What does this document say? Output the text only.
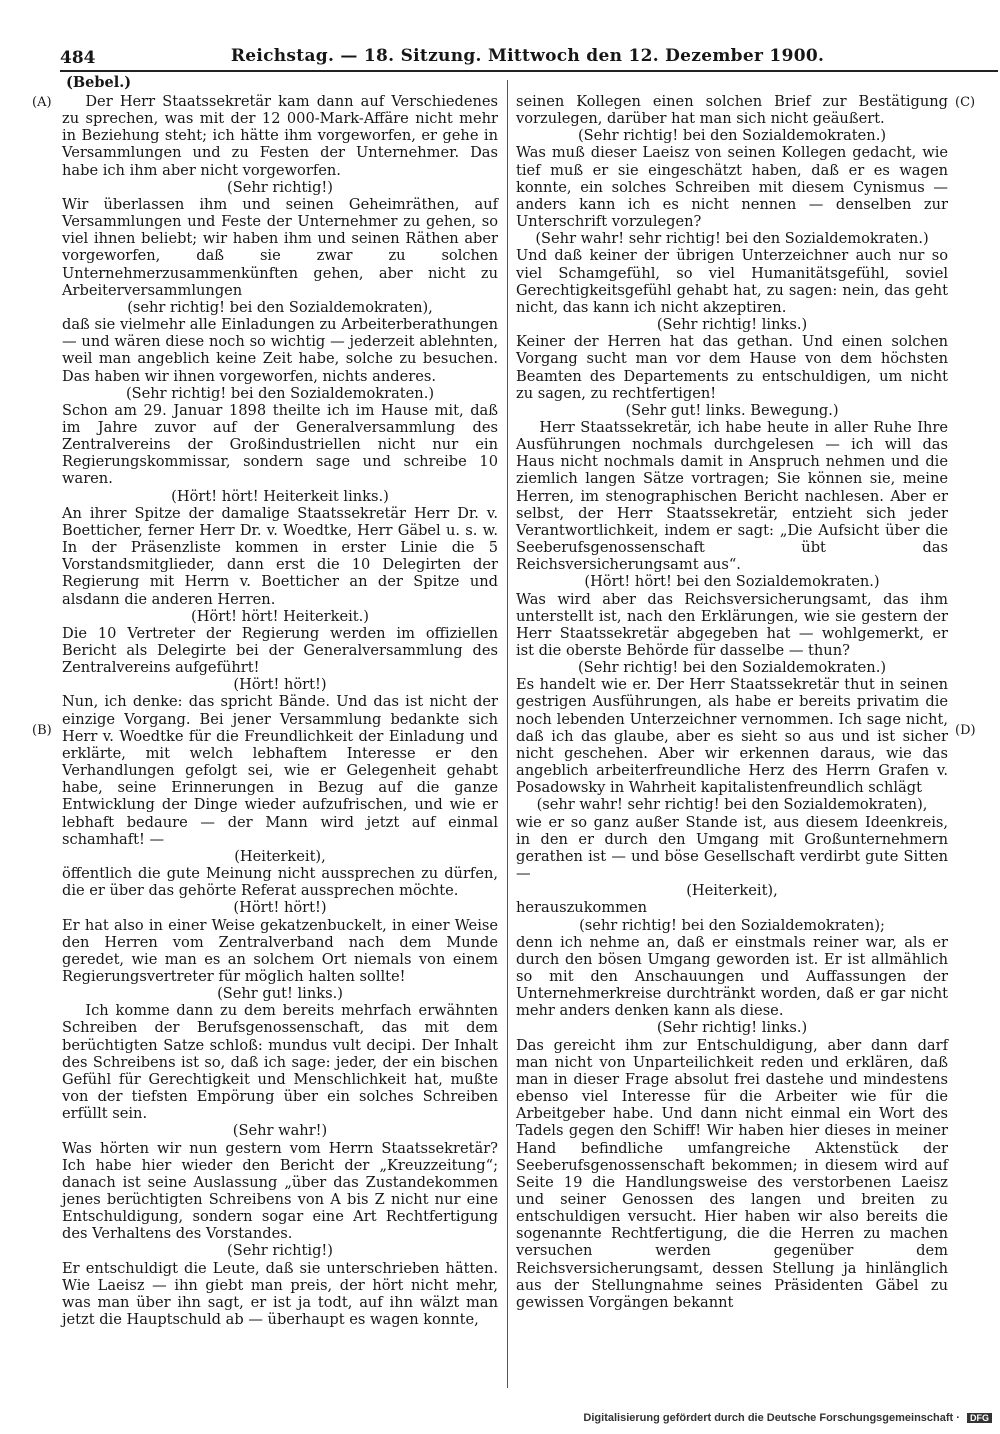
484	Reichstag. — 18. Sitzung. Mittwoch den 12. Dezember 1900.
(Bebel.)
(A)
(B)
(C)
(D)

Der Herr Staatssekretär kam dann auf Verschiedenes zu sprechen, was mit der 12 000-Mark-Affäre nicht mehr in Beziehung steht; ich hätte ihm vorgeworfen, er gehe in Versammlungen und zu Festen der Unternehmer. Das habe ich ihm aber nicht vorgeworfen.

(Sehr richtig!)

Wir überlassen ihm und seinen Geheimräthen, auf Versammlungen und Feste der Unternehmer zu gehen, so viel ihnen beliebt; wir haben ihm und seinen Räthen aber vorgeworfen, daß sie zwar zu solchen Unternehmerzusammenkünften gehen, aber nicht zu Arbeiterversammlungen

(sehr richtig! bei den Sozialdemokraten),

daß sie vielmehr alle Einladungen zu Arbeiterberathungen — und wären diese noch so wichtig — jederzeit ablehnten, weil man angeblich keine Zeit habe, solche zu besuchen. Das haben wir ihnen vorgeworfen, nichts anderes.

(Sehr richtig! bei den Sozialdemokraten.)

Schon am 29. Januar 1898 theilte ich im Hause mit, daß im Jahre zuvor auf der Generalversammlung des Zentralvereins der Großindustriellen nicht nur ein Regierungskommissar, sondern sage und schreibe 10 waren.

(Hört! hört! Heiterkeit links.)

An ihrer Spitze der damalige Staatssekretär Herr Dr. v. Boetticher, ferner Herr Dr. v. Woedtke, Herr Gäbel u. s. w. In der Präsenzliste kommen in erster Linie die 5 Vorstandsmitglieder, dann erst die 10 Delegirten der Regierung mit Herrn v. Boetticher an der Spitze und alsdann die anderen Herren.

(Hört! hört! Heiterkeit.)

Die 10 Vertreter der Regierung werden im offiziellen Bericht als Delegirte bei der Generalversammlung des Zentralvereins aufgeführt!

(Hört! hört!)

Nun, ich denke: das spricht Bände. Und das ist nicht der einzige Vorgang. Bei jener Versammlung bedankte sich Herr v. Woedtke für die Freundlichkeit der Einladung und erklärte, mit welch lebhaftem Interesse er den Verhandlungen gefolgt sei, wie er Gelegenheit gehabt habe, seine Erinnerungen in Bezug auf die ganze Entwicklung der Dinge wieder aufzufrischen, und wie er lebhaft bedaure — der Mann wird jetzt auf einmal schamhaft! —

(Heiterkeit),

öffentlich die gute Meinung nicht aussprechen zu dürfen, die er über das gehörte Referat aussprechen möchte.

(Hört! hört!)

Er hat also in einer Weise gekatzenbuckelt, in einer Weise den Herren vom Zentralverband nach dem Munde geredet, wie man es an solchem Ort niemals von einem Regierungsvertreter für möglich halten sollte!

(Sehr gut! links.)

Ich komme dann zu dem bereits mehrfach erwähnten Schreiben der Berufsgenossenschaft, das mit dem berüchtigten Satze schloß: mundus vult decipi. Der Inhalt des Schreibens ist so, daß ich sage: jeder, der ein bischen Gefühl für Gerechtigkeit und Menschlichkeit hat, mußte von der tiefsten Empörung über ein solches Schreiben erfüllt sein.

(Sehr wahr!)

Was hörten wir nun gestern vom Herrn Staatssekretär? Ich habe hier wieder den Bericht der „Kreuzzeitung“; danach ist seine Auslassung „über das Zustandekommen jenes berüchtigten Schreibens von A bis Z nicht nur eine Entschuldigung, sondern sogar eine Art Rechtfertigung des Verhaltens des Vorstandes.

(Sehr richtig!)

Er entschuldigt die Leute, daß sie unterschrieben hätten. Wie Laeisz — ihn giebt man preis, der hört nicht mehr, was man über ihn sagt, er ist ja todt, auf ihn wälzt man jetzt die Hauptschuld ab — überhaupt es wagen konnte,

seinen Kollegen einen solchen Brief zur Bestätigung vorzulegen, darüber hat man sich nicht geäußert.

(Sehr richtig! bei den Sozialdemokraten.)

Was muß dieser Laeisz von seinen Kollegen gedacht, wie tief muß er sie eingeschätzt haben, daß er es wagen konnte, ein solches Schreiben mit diesem Cynismus — anders kann ich es nicht nennen — denselben zur Unterschrift vorzulegen?

(Sehr wahr! sehr richtig! bei den Sozialdemokraten.)

Und daß keiner der übrigen Unterzeichner auch nur so viel Schamgefühl, so viel Humanitätsgefühl, soviel Gerechtigkeitsgefühl gehabt hat, zu sagen: nein, das geht nicht, das kann ich nicht akzeptiren.

(Sehr richtig! links.)

Keiner der Herren hat das gethan. Und einen solchen Vorgang sucht man vor dem Hause von dem höchsten Beamten des Departements zu entschuldigen, um nicht zu sagen, zu rechtfertigen!

(Sehr gut! links. Bewegung.)

Herr Staatssekretär, ich habe heute in aller Ruhe Ihre Ausführungen nochmals durchgelesen — ich will das Haus nicht nochmals damit in Anspruch nehmen und die ziemlich langen Sätze vortragen; Sie können sie, meine Herren, im stenographischen Bericht nachlesen. Aber er selbst, der Herr Staatssekretär, entzieht sich jeder Verantwortlichkeit, indem er sagt: „Die Aufsicht über die Seeberufsgenossenschaft übt das Reichsversicherungsamt aus“.

(Hört! hört! bei den Sozialdemokraten.)

Was wird aber das Reichsversicherungsamt, das ihm unterstellt ist, nach den Erklärungen, wie sie gestern der Herr Staatssekretär abgegeben hat — wohlgemerkt, er ist die oberste Behörde für dasselbe — thun?

(Sehr richtig! bei den Sozialdemokraten.)

Es handelt wie er. Der Herr Staatssekretär thut in seinen gestrigen Ausführungen, als habe er bereits privatim die noch lebenden Unterzeichner vernommen. Ich sage nicht, daß ich das glaube, aber es sieht so aus und ist sicher nicht geschehen. Aber wir erkennen daraus, wie das angeblich arbeiterfreundliche Herz des Herrn Grafen v. Posadowsky in Wahrheit kapitalistenfreundlich schlägt

(sehr wahr! sehr richtig! bei den Sozialdemokraten),

wie er so ganz außer Stande ist, aus diesem Ideenkreis, in den er durch den Umgang mit Großunternehmern gerathen ist — und böse Gesellschaft verdirbt gute Sitten —

(Heiterkeit),

herauszukommen

(sehr richtig! bei den Sozialdemokraten);

denn ich nehme an, daß er einstmals reiner war, als er durch den bösen Umgang geworden ist. Er ist allmählich so mit den Anschauungen und Auffassungen der Unternehmerkreise durchtränkt worden, daß er gar nicht mehr anders denken kann als diese.

(Sehr richtig! links.)

Das gereicht ihm zur Entschuldigung, aber dann darf man nicht von Unparteilichkeit reden und erklären, daß man in dieser Frage absolut frei dastehe und mindestens ebenso viel Interesse für die Arbeiter wie für die Arbeitgeber habe. Und dann nicht einmal ein Wort des Tadels gegen den Schiff! Wir haben hier dieses in meiner Hand befindliche umfangreiche Aktenstück der Seeberufsgenossenschaft bekommen; in diesem wird auf Seite 19 die Handlungsweise des verstorbenen Laeisz und seiner Genossen des langen und breiten zu entschuldigen versucht. Hier haben wir also bereits die sogenannte Rechtfertigung, die die Herren zu machen versuchen werden gegenüber dem Reichsversicherungsamt, dessen Stellung ja hinlänglich aus der Stellungnahme seines Präsidenten Gäbel zu gewissen Vorgängen bekannt

Digitalisierung gefördert durch die Deutsche Forschungsgemeinschaft · DFG
